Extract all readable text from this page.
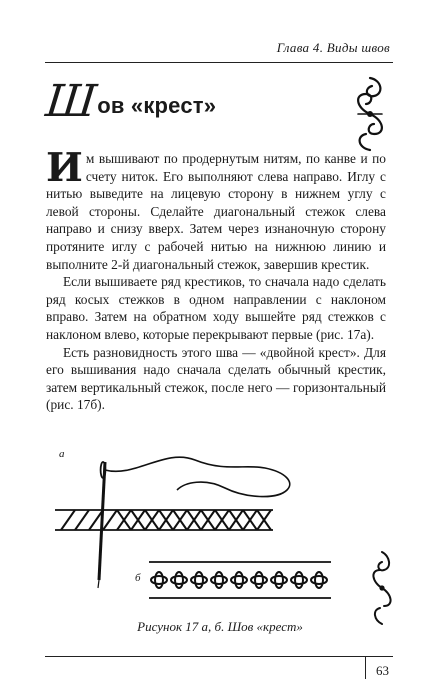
Глава 4. Виды швов
Ш
ов «крест»

Им вышивают по продернутым нитям, по канве и по счету ниток. Его выполняют слева направо. Иглу с нитью выведите на лицевую сторону в нижнем углу с левой стороны. Сделайте диагональный стежок слева направо и снизу вверх. Затем через изнаночную сторону протяните иглу с рабочей нитью на нижнюю линию и выполните 2-й диагональный стежок, завершив крестик.

Если вышиваете ряд крестиков, то сначала надо сделать ряд косых стежков в одном направлении с наклоном вправо. Затем на обратном ходу вышейте ряд стежков с наклоном влево, которые перекрывают первые (рис. 17а).

Есть разновидность этого шва — «двойной крест». Для его вышивания надо сначала сделать обычный крестик, затем вертикальный стежок, после него — горизонтальный (рис. 17б).

а
б
Рисунок 17 а, б. Шов «крест»
63
